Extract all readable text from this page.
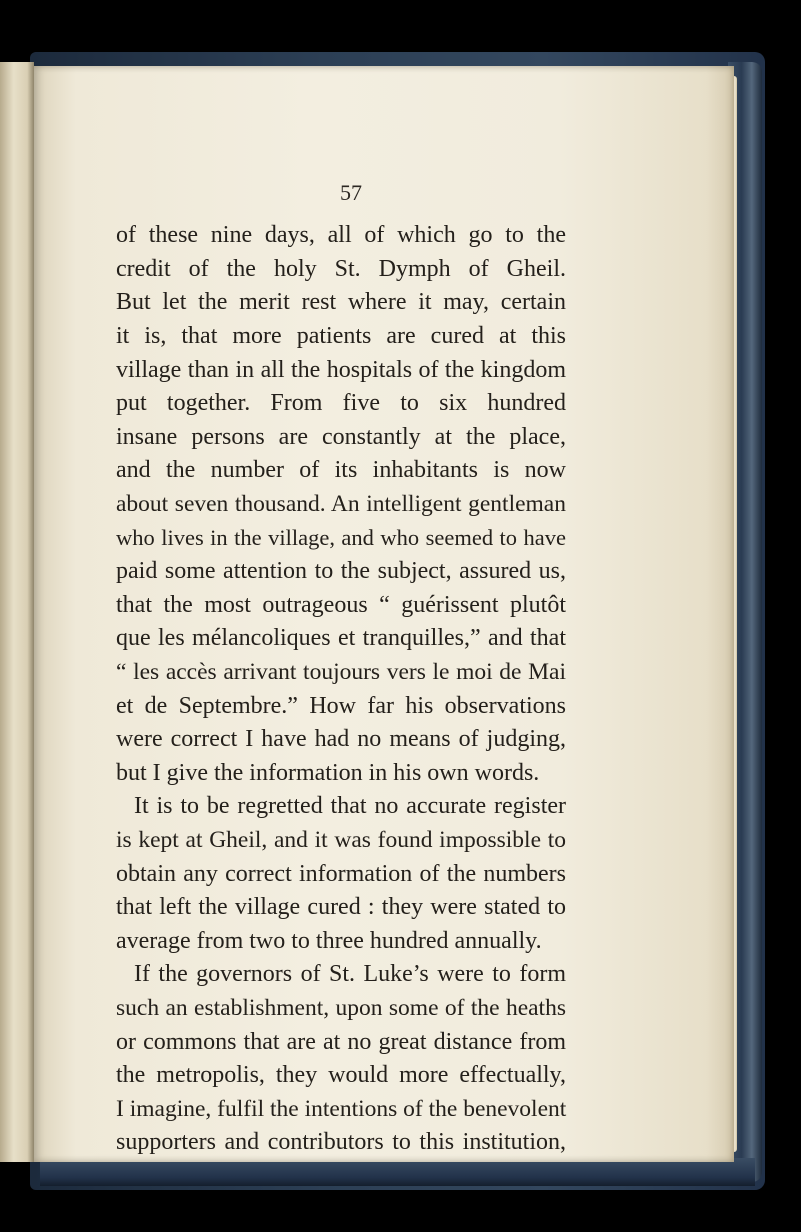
57
of these nine days, all of which go to the
credit of the holy St. Dymph of Gheil.
But let the merit rest where it may, certain
it is, that more patients are cured at this
village than in all the hospitals of the kingdom
put together. From five to six hundred
insane persons are constantly at the place,
and the number of its inhabitants is now
about seven thousand. An intelligent gentleman
who lives in the village, and who seemed to have
paid some attention to the subject, assured us,
that the most outrageous “ guérissent plutôt
que les mélancoliques et tranquilles,” and that
“ les accès arrivant toujours vers le moi de Mai
et de Septembre.” How far his observations
were correct I have had no means of judging,
but I give the information in his own words.
It is to be regretted that no accurate register
is kept at Gheil, and it was found impossible to
obtain any correct information of the numbers
that left the village cured : they were stated to
average from two to three hundred annually.
If the governors of St. Luke’s were to form
such an establishment, upon some of the heaths
or commons that are at no great distance from
the metropolis, they would more effectually,
I imagine, fulfil the intentions of the benevolent
supporters and contributors to this institution,
